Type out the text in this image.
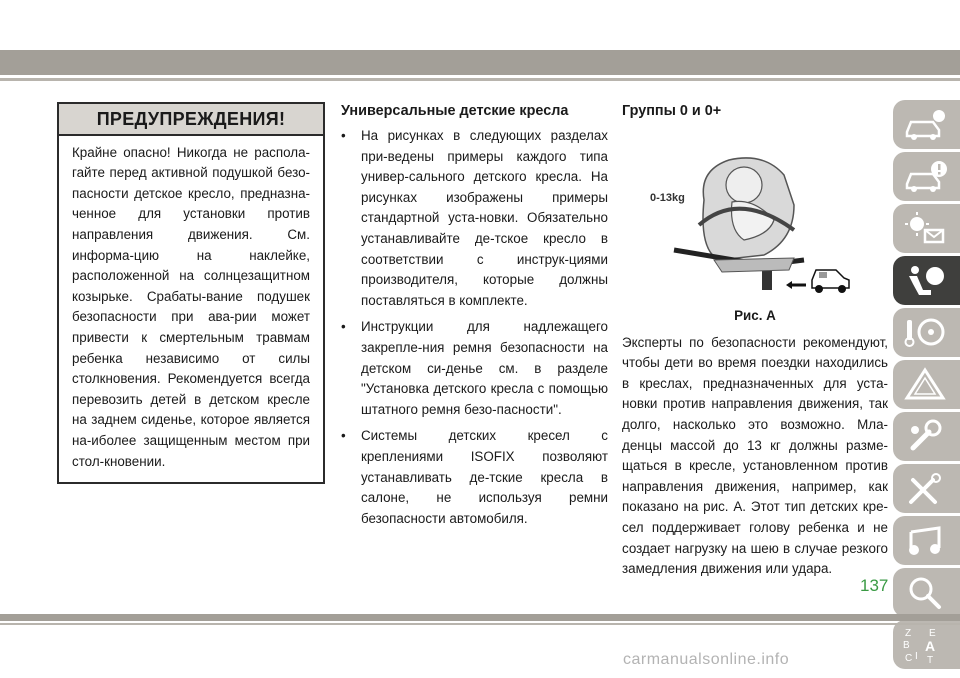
ПРЕДУПРЕЖДЕНИЯ!
Крайне опасно! Никогда не распола-гайте перед активной подушкой безо-пасности детское кресло, предназна-ченное для установки против направления движения. См. информа-цию на наклейке, расположенной на солнцезащитном козырьке. Срабаты-вание подушек безопасности при ава-рии может привести к смертельным травмам ребенка независимо от силы столкновения. Рекомендуется всегда перевозить детей в детском кресле на заднем сиденье, которое является на-иболее защищенным местом при стол-кновении.
Универсальные детские кресла
• На рисунках в следующих разделах при-ведены примеры каждого типа универ-сального детского кресла. На рисунках изображены примеры стандартной уста-новки. Обязательно устанавливайте де-тское кресло в соответствии с инструк-циями производителя, которые должны поставляться в комплекте.
• Инструкции для надлежащего закрепле-ния ремня безопасности на детском си-денье см. в разделе "Установка детского кресла с помощью штатного ремня безо-пасности".
• Системы детских кресел с креплениями ISOFIX позволяют устанавливать де-тские кресла в салоне, не используя ремни безопасности автомобиля.
Группы 0 и 0+
0-13kg
Рис. А
Эксперты по безопасности рекомендуют, чтобы дети во время поездки находились в креслах, предназначенных для уста-новки против направления движения, так долго, насколько это возможно. Мла-денцы массой до 13 кг должны разме-щаться в кресле, установленном против направления движения, например, как показано на рис. А. Этот тип детских кре-сел поддерживает голову ребенка и не создает нагрузку на шею в случае резкого замедления движения или удара.
Z E
B A
C I T
137
carmanualsonline.info
